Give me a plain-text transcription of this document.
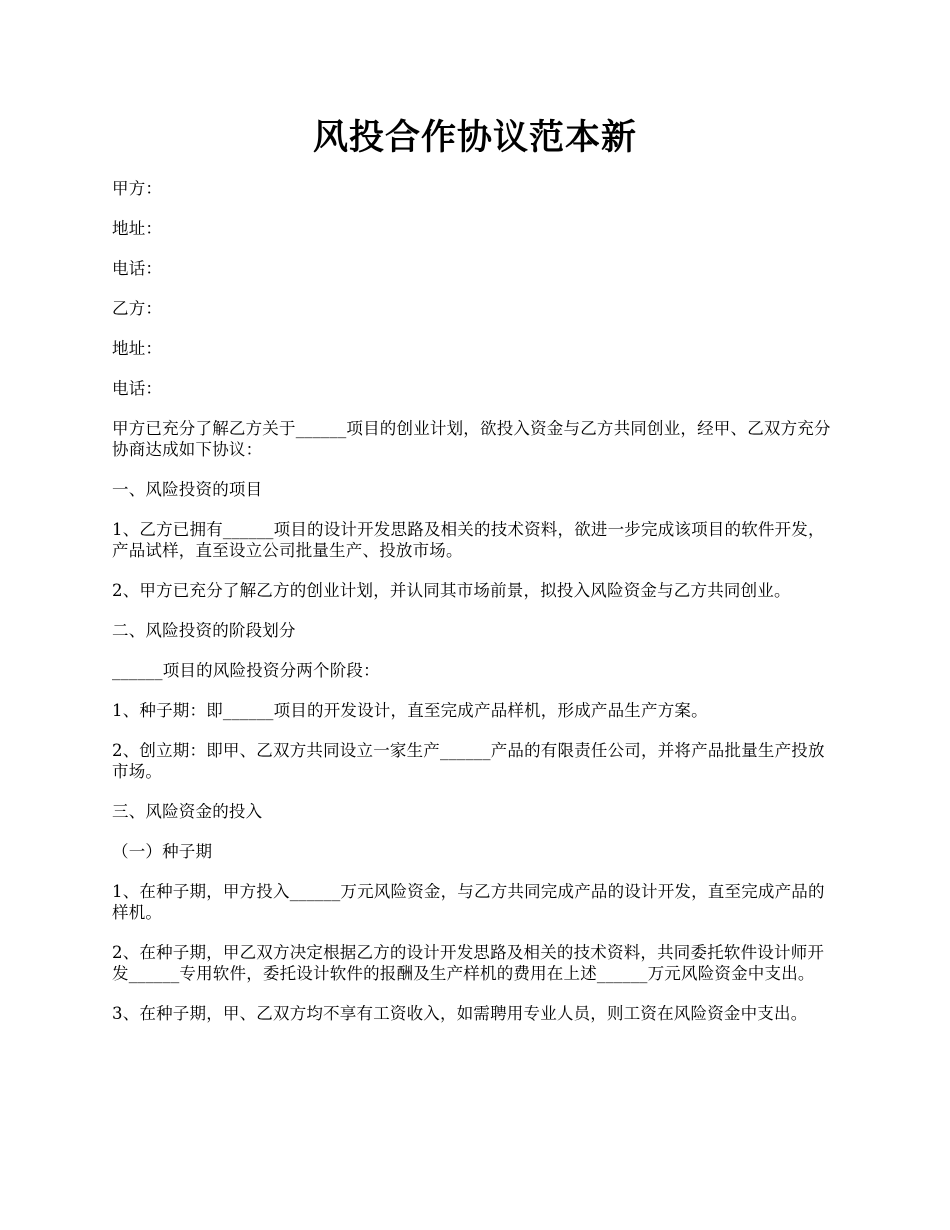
风投合作协议范本新

甲方：

地址：

电话：

乙方：

地址：

电话：

甲方已充分了解乙方关于______项目的创业计划，欲投入资金与乙方共同创业，经甲、乙双方充分协商达成如下协议：

一、风险投资的项目

1、乙方已拥有______项目的设计开发思路及相关的技术资料，欲进一步完成该项目的软件开发，产品试样，直至设立公司批量生产、投放市场。

2、甲方已充分了解乙方的创业计划，并认同其市场前景，拟投入风险资金与乙方共同创业。

二、风险投资的阶段划分

______项目的风险投资分两个阶段：

1、种子期：即______项目的开发设计，直至完成产品样机，形成产品生产方案。

2、创立期：即甲、乙双方共同设立一家生产______产品的有限责任公司，并将产品批量生产投放市场。

三、风险资金的投入

（一）种子期

1、在种子期，甲方投入______万元风险资金，与乙方共同完成产品的设计开发，直至完成产品的样机。

2、在种子期，甲乙双方决定根据乙方的设计开发思路及相关的技术资料，共同委托软件设计师开发______专用软件，委托设计软件的报酬及生产样机的费用在上述______万元风险资金中支出。

3、在种子期，甲、乙双方均不享有工资收入，如需聘用专业人员，则工资在风险资金中支出。
